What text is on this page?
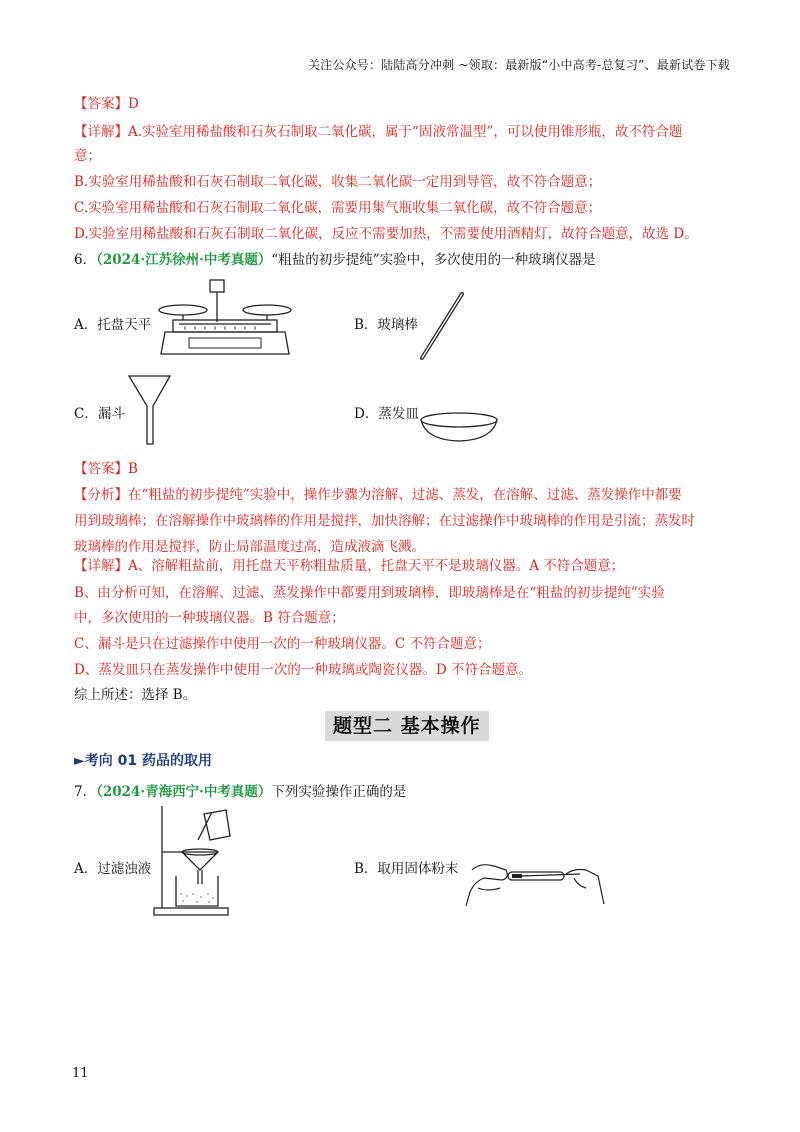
关注公众号：陆陆高分冲刺 ~领取：最新版“小中高考-总复习”、最新试卷下载
【答案】D
【详解】A.实验室用稀盐酸和石灰石制取二氧化碳，属于“固液常温型”，可以使用锥形瓶，故不符合题
意；
B.实验室用稀盐酸和石灰石制取二氧化碳，收集二氧化碳一定用到导管，故不符合题意；
C.实验室用稀盐酸和石灰石制取二氧化碳，需要用集气瓶收集二氧化碳，故不符合题意；
D.实验室用稀盐酸和石灰石制取二氧化碳，反应不需要加热，不需要使用酒精灯，故符合题意，故选 D。
6．（2024·江苏徐州·中考真题）“粗盐的初步提纯”实验中，多次使用的一种玻璃仪器是
A．托盘天平	B．玻璃棒
C．漏斗	D．蒸发皿
【答案】B
【分析】在“粗盐的初步提纯”实验中，操作步骤为溶解、过滤、蒸发，在溶解、过滤、蒸发操作中都要
用到玻璃棒；在溶解操作中玻璃棒的作用是搅拌，加快溶解；在过滤操作中玻璃棒的作用是引流；蒸发时
玻璃棒的作用是搅拌，防止局部温度过高，造成液滴飞溅。
【详解】A、溶解粗盐前，用托盘天平称粗盐质量，托盘天平不是玻璃仪器。A 不符合题意；
B、由分析可知，在溶解、过滤、蒸发操作中都要用到玻璃棒，即玻璃棒是在“粗盐的初步提纯”实验
中，多次使用的一种玻璃仪器。B 符合题意；
C、漏斗是只在过滤操作中使用一次的一种玻璃仪器。C 不符合题意；
D、蒸发皿只在蒸发操作中使用一次的一种玻璃或陶瓷仪器。D 不符合题意。
综上所述：选择 B。
题型二 基本操作
►考向 01 药品的取用
7．（2024·青海西宁·中考真题）下列实验操作正确的是
A．过滤浊液	B．取用固体粉末
11
